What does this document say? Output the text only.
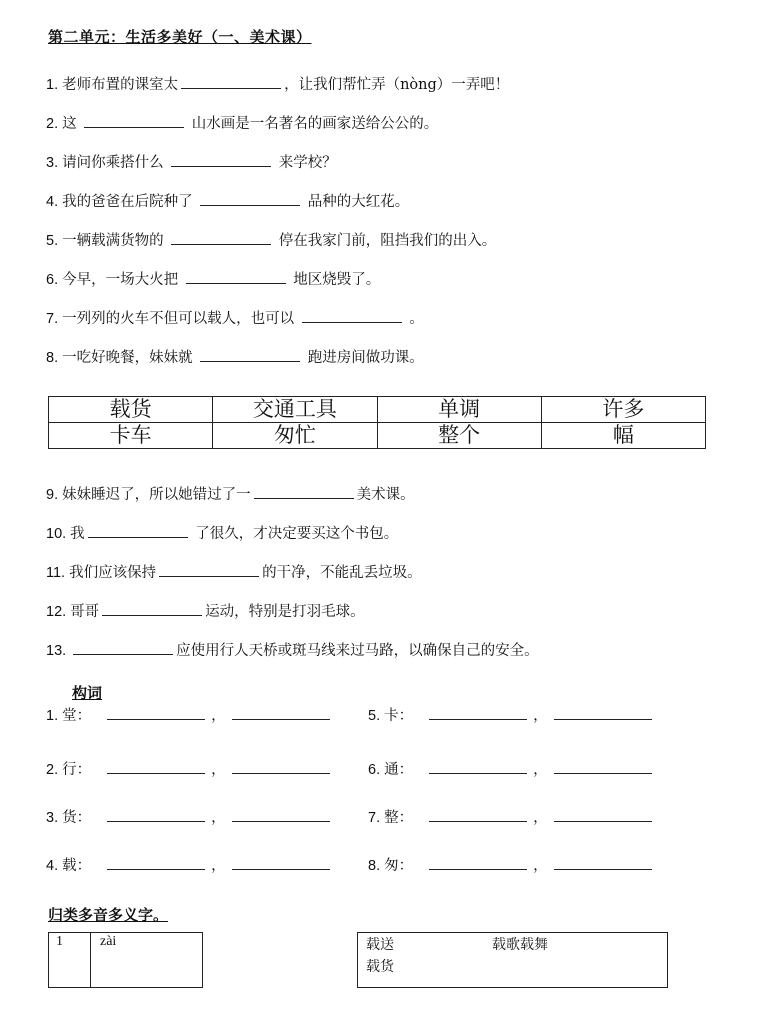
第二单元：生活多美好（一、美术课）
1. 老师布置的课室太	，让我们帮忙弄（nòng）一弄吧！
2. 这	山水画是一名著名的画家送给公公的。
3. 请问你乘搭什么	来学校？
4. 我的爸爸在后院种了	品种的大红花。
5. 一辆载满货物的	停在我家门前，阻挡我们的出入。
6. 今早，一场大火把	地区烧毁了。
7. 一列列的火车不但可以载人，也可以	。
8. 一吃好晚餐，妹妹就	跑进房间做功课。
载货	交通工具	单调	许多
卡车	匆忙	整个	幅
9. 妹妹睡迟了，所以她错过了一	美术课。
10. 我	了很久，才决定要买这个书包。
11. 我们应该保持	的干净，不能乱丢垃圾。
12. 哥哥	运动，特别是打羽毛球。
13.	应使用行人天桥或斑马线来过马路，以确保自己的安全。
构词
1. 堂：	，
2. 行：	，
3. 货：	，
4. 载：	，
5. 卡：	，
6. 通：	，
7. 整：	，
8. 匆：	，
归类多音多义字。
1	zài	载送	载歌载舞
载货
